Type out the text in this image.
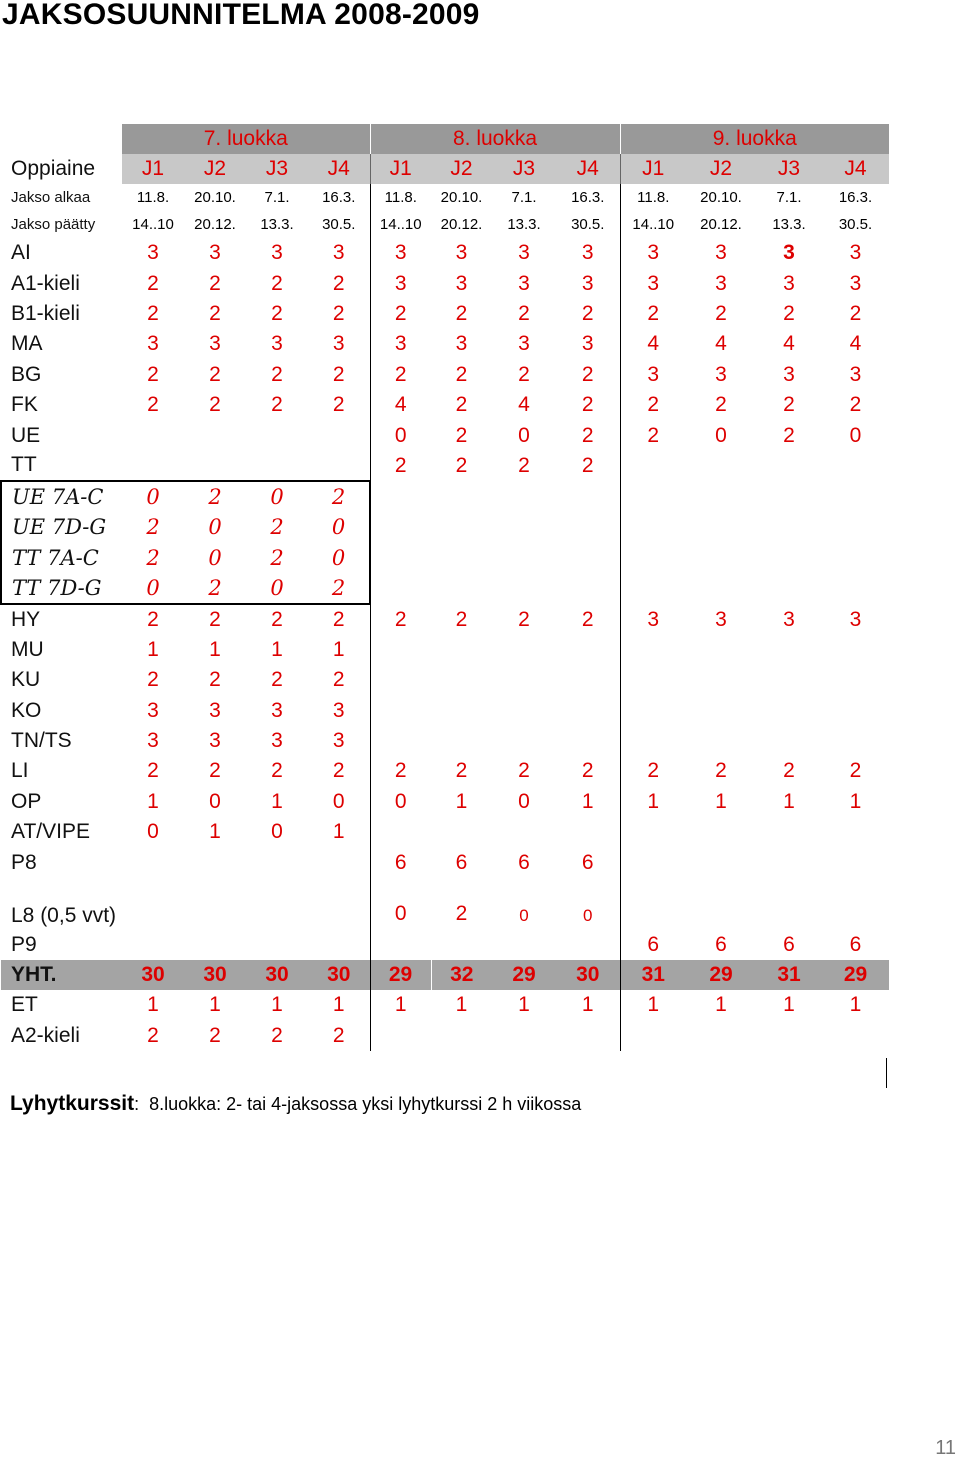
JAKSOSUUNNITELMA 2008-2009
	7. luokka				8. luokka				9. luokka			
Oppiaine	J1	J2	J3	J4	J1	J2	J3	J4	J1	J2	J3	J4
Jakso alkaa	11.8.	20.10.	7.1.	16.3.	11.8.	20.10.	7.1.	16.3.	11.8.	20.10.	7.1.	16.3.
Jakso päätty	14..10	20.12.	13.3.	30.5.	14..10	20.12.	13.3.	30.5.	14..10	20.12.	13.3.	30.5.
AI	3	3	3	3	3	3	3	3	3	3	3	3
A1-kieli	2	2	2	2	3	3	3	3	3	3	3	3
B1-kieli	2	2	2	2	2	2	2	2	2	2	2	2
MA	3	3	3	3	3	3	3	3	4	4	4	4
BG	2	2	2	2	2	2	2	2	3	3	3	3
FK	2	2	2	2	4	2	4	2	2	2	2	2
UE					0	2	0	2	2	0	2	0
TT					2	2	2	2				
UE 7A-C	0	2	0	2								
UE 7D-G	2	0	2	0								
TT 7A-C	2	0	2	0								
TT 7D-G	0	2	0	2								
HY	2	2	2	2	2	2	2	2	3	3	3	3
MU	1	1	1	1								
KU	2	2	2	2								
KO	3	3	3	3								
TN/TS	3	3	3	3								
LI	2	2	2	2	2	2	2	2	2	2	2	2
OP	1	0	1	0	0	1	0	1	1	1	1	1
AT/VIPE	0	1	0	1								
P8					6	6	6	6				
L8 (0,5 vvt)					0	2	0	0				
P9									6	6	6	6
YHT.	30	30	30	30	29	32	29	30	31	29	31	29
ET	1	1	1	1	1	1	1	1	1	1	1	1
A2-kieli	2	2	2	2								
Lyhytkurssit:  8.luokka: 2- tai 4-jaksossa yksi lyhytkurssi 2 h viikossa
11
